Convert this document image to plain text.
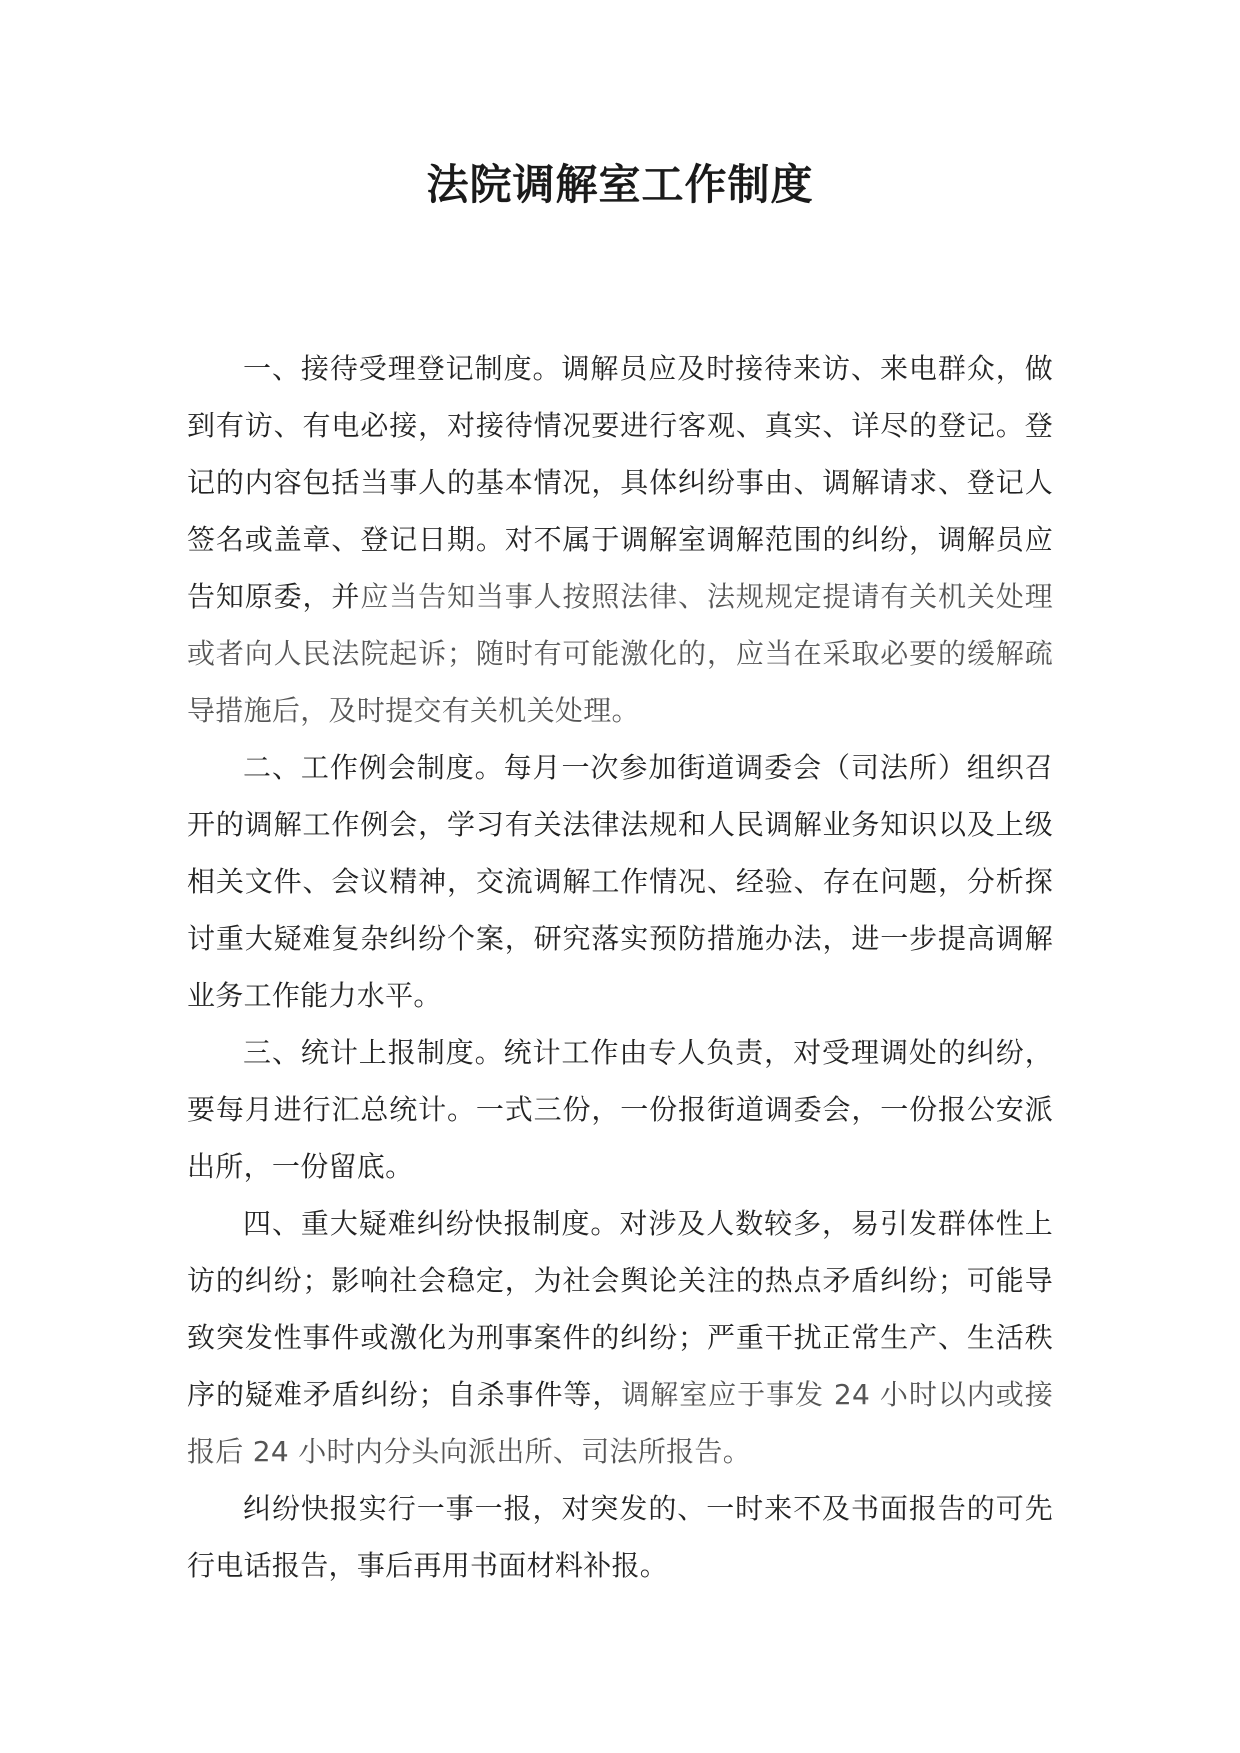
法院调解室工作制度

一、接待受理登记制度。调解员应及时接待来访、来电群众，做到有访、有电必接，对接待情况要进行客观、真实、详尽的登记。登记的内容包括当事人的基本情况，具体纠纷事由、调解请求、登记人签名或盖章、登记日期。对不属于调解室调解范围的纠纷，调解员应告知原委，并应当告知当事人按照法律、法规规定提请有关机关处理或者向人民法院起诉；随时有可能激化的，应当在采取必要的缓解疏导措施后，及时提交有关机关处理。

二、工作例会制度。每月一次参加街道调委会（司法所）组织召开的调解工作例会，学习有关法律法规和人民调解业务知识以及上级相关文件、会议精神，交流调解工作情况、经验、存在问题，分析探讨重大疑难复杂纠纷个案，研究落实预防措施办法，进一步提高调解业务工作能力水平。

三、统计上报制度。统计工作由专人负责，对受理调处的纠纷，要每月进行汇总统计。一式三份，一份报街道调委会，一份报公安派出所，一份留底。

四、重大疑难纠纷快报制度。对涉及人数较多，易引发群体性上访的纠纷；影响社会稳定，为社会舆论关注的热点矛盾纠纷；可能导致突发性事件或激化为刑事案件的纠纷；严重干扰正常生产、生活秩序的疑难矛盾纠纷；自杀事件等，调解室应于事发 24 小时以内或接报后 24 小时内分头向派出所、司法所报告。

纠纷快报实行一事一报，对突发的、一时来不及书面报告的可先行电话报告，事后再用书面材料补报。
